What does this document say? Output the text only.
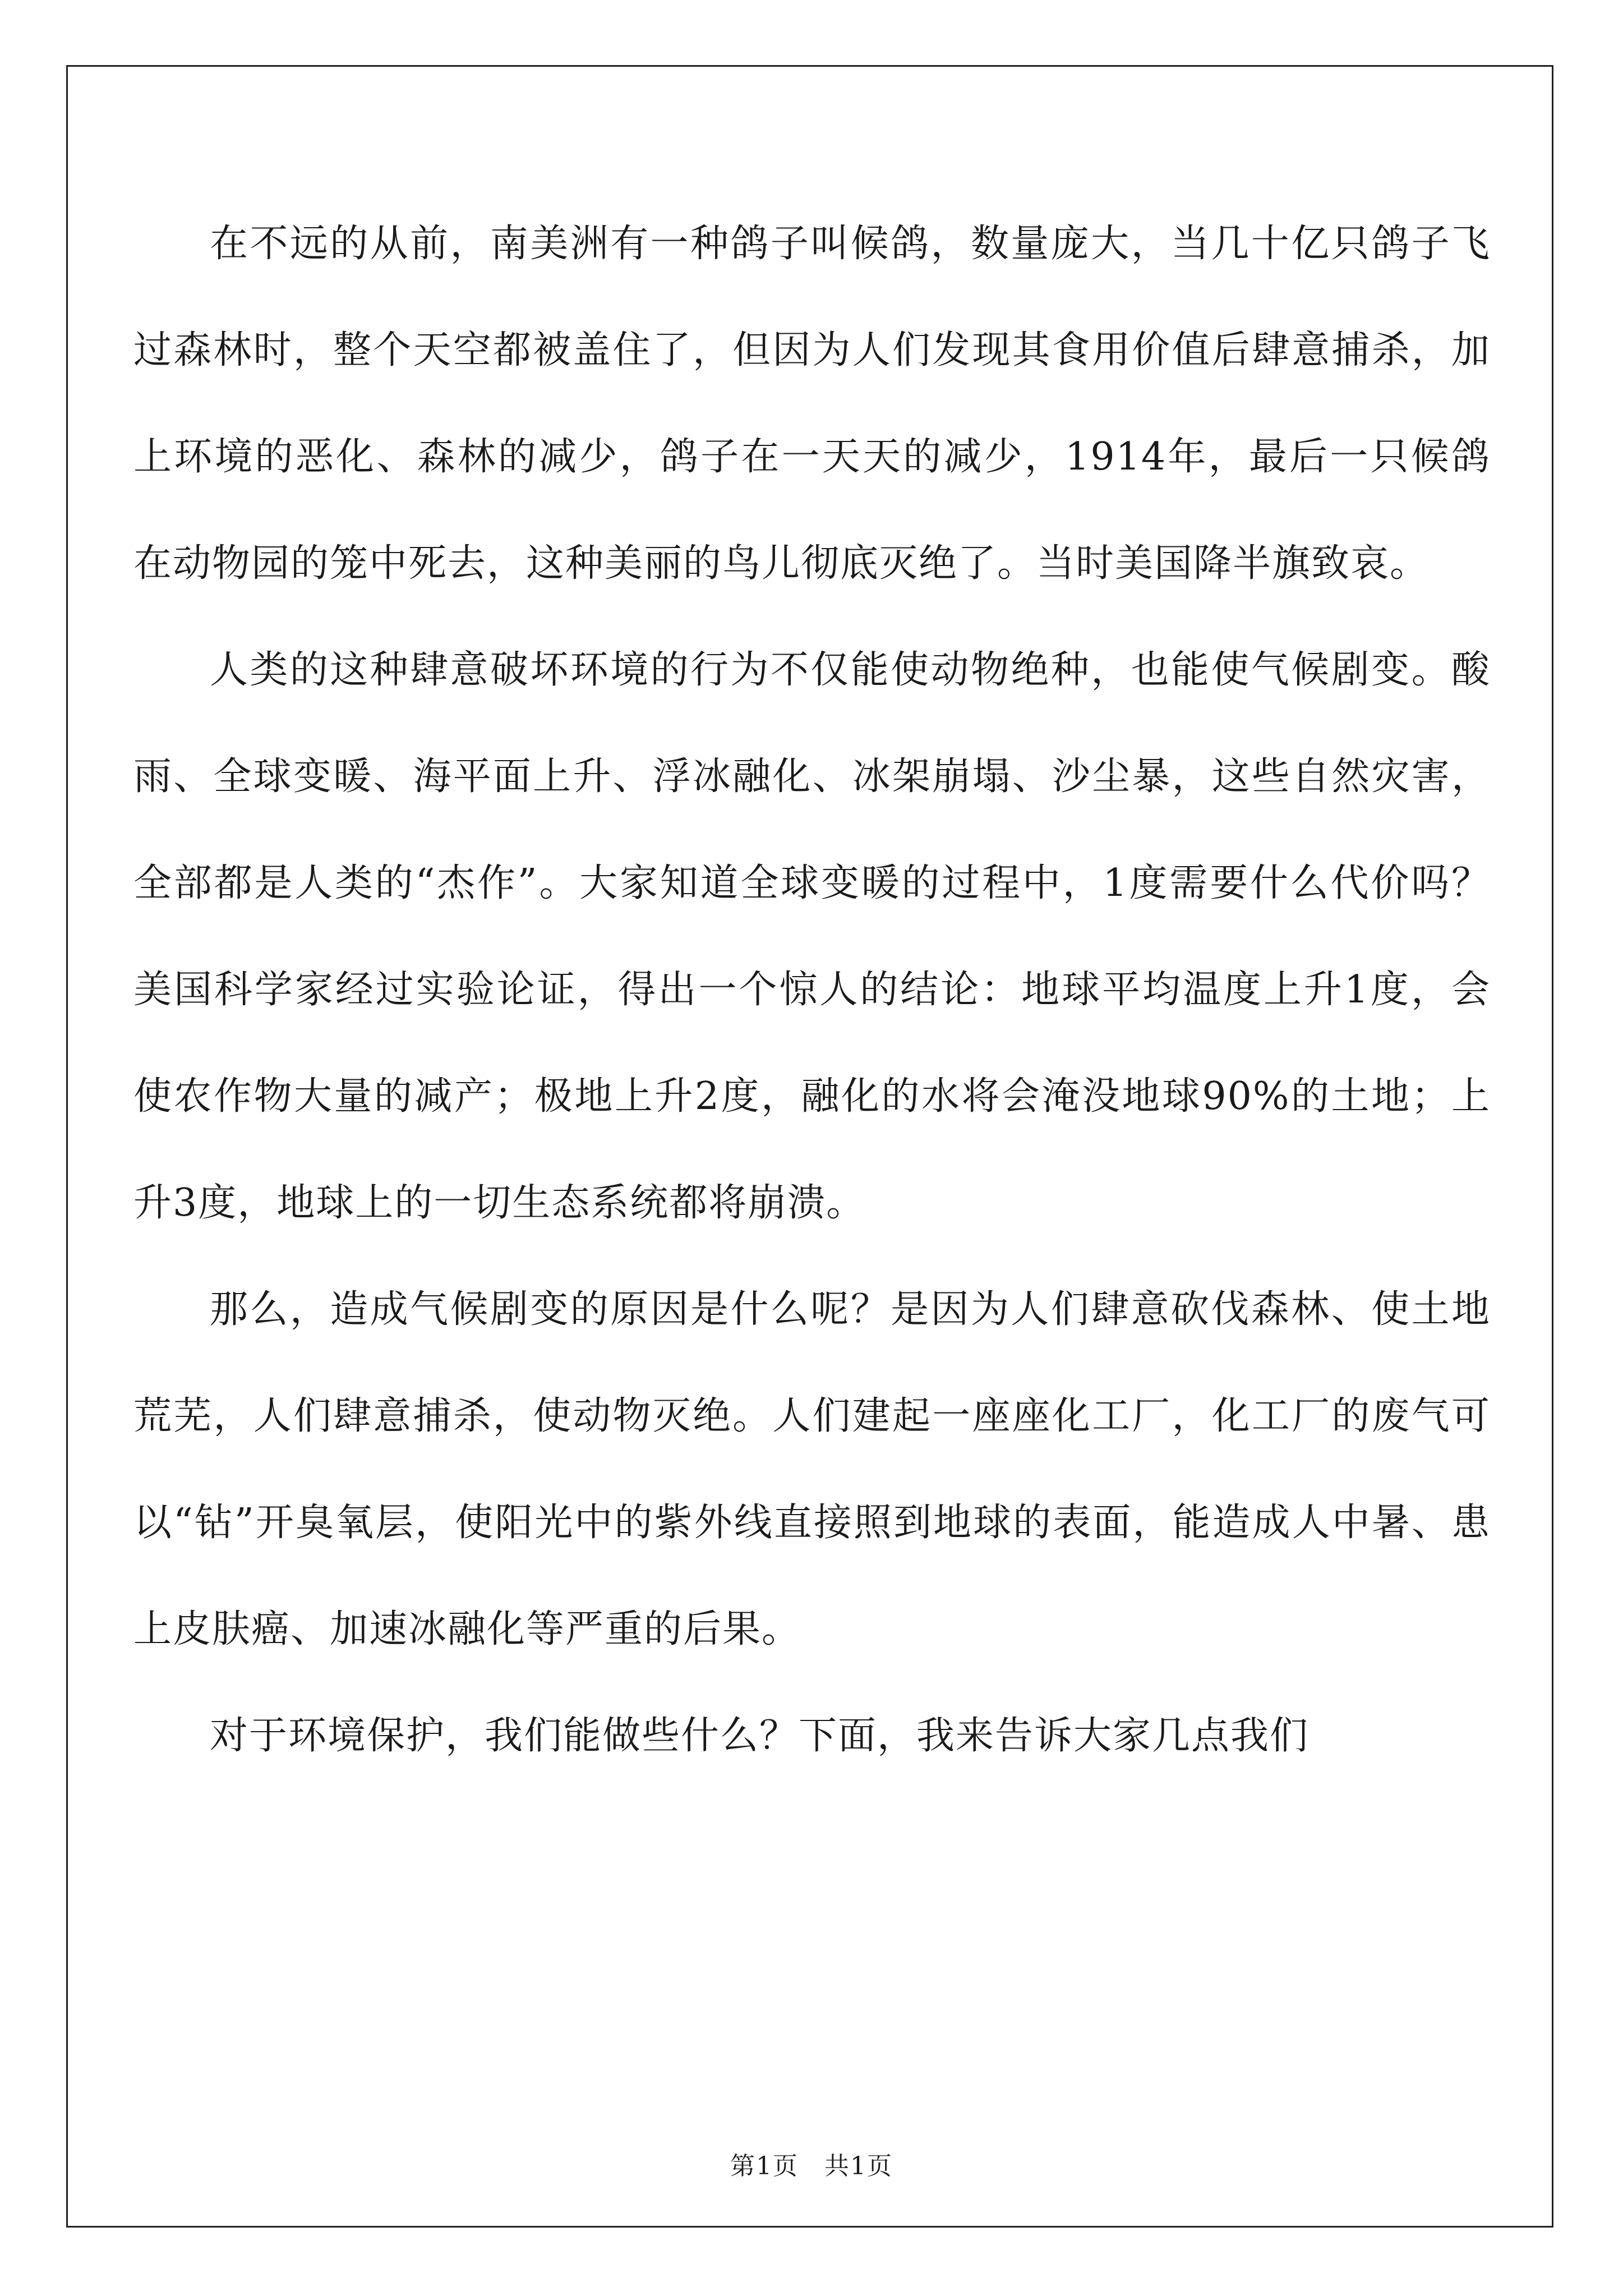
在不远的从前，南美洲有一种鸽子叫候鸽，数量庞大，当几十亿只鸽子飞过森林时，整个天空都被盖住了，但因为人们发现其食用价值后肆意捕杀，加上环境的恶化、森林的减少，鸽子在一天天的减少，1914年，最后一只候鸽在动物园的笼中死去，这种美丽的鸟儿彻底灭绝了。当时美国降半旗致哀。

人类的这种肆意破坏环境的行为不仅能使动物绝种，也能使气候剧变。酸雨、全球变暖、海平面上升、浮冰融化、冰架崩塌、沙尘暴，这些自然灾害，全部都是人类的“杰作”。大家知道全球变暖的过程中，1度需要什么代价吗？美国科学家经过实验论证，得出一个惊人的结论：地球平均温度上升1度，会使农作物大量的减产；极地上升2度，融化的水将会淹没地球90%的土地；上升3度，地球上的一切生态系统都将崩溃。

那么，造成气候剧变的原因是什么呢？是因为人们肆意砍伐森林、使土地荒芜，人们肆意捕杀，使动物灭绝。人们建起一座座化工厂，化工厂的废气可以“钻”开臭氧层，使阳光中的紫外线直接照到地球的表面，能造成人中暑、患上皮肤癌、加速冰融化等严重的后果。

对于环境保护，我们能做些什么？下面，我来告诉大家几点我们

第1页　共1页
